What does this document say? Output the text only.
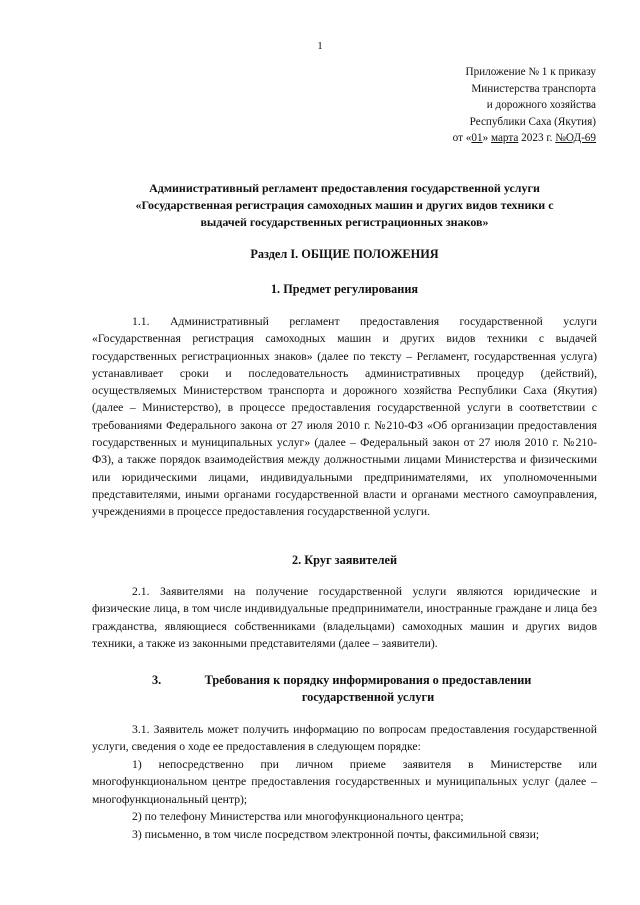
1
Приложение № 1 к приказу
Министерства транспорта
и дорожного хозяйства
Республики Саха (Якутия)
от «01» марта 2023 г. №ОД-69
Административный регламент предоставления государственной услуги
«Государственная регистрация самоходных машин и других видов техники с
выдачей государственных регистрационных знаков»
Раздел I. ОБЩИЕ ПОЛОЖЕНИЯ
1. Предмет регулирования

1.1. Административный регламент предоставления государственной услуги «Государственная регистрация самоходных машин и других видов техники с выдачей государственных регистрационных знаков» (далее по тексту – Регламент, государственная услуга) устанавливает сроки и последовательность административных процедур (действий), осуществляемых Министерством транспорта и дорожного хозяйства Республики Саха (Якутия) (далее – Министерство), в процессе предоставления государственной услуги в соответствии с требованиями Федерального закона от 27 июля 2010 г. №210-ФЗ «Об организации предоставления государственных и муниципальных услуг» (далее – Федеральный закон от 27 июля 2010 г. №210-ФЗ), а также порядок взаимодействия между должностными лицами Министерства и физическими или юридическими лицами, индивидуальными предпринимателями, их уполномоченными представителями, иными органами государственной власти и органами местного самоуправления, учреждениями в процессе предоставления государственной услуги.

2. Круг заявителей

2.1. Заявителями на получение государственной услуги являются юридические и физические лица, в том числе индивидуальные предприниматели, иностранные граждане и лица без гражданства, являющиеся собственниками (владельцами) самоходных машин и других видов техники, а также из законными представителями (далее – заявители).

3.	Требования к порядку информирования о предоставлении
государственной услуги

3.1. Заявитель может получить информацию по вопросам предоставления государственной услуги, сведения о ходе ее предоставления в следующем порядке:

1) непосредственно при личном приеме заявителя в Министерстве или многофункциональном центре предоставления государственных и муниципальных услуг (далее – многофункциональный центр);

2) по телефону Министерства или многофункционального центра;

3) письменно, в том числе посредством электронной почты, факсимильной связи;
